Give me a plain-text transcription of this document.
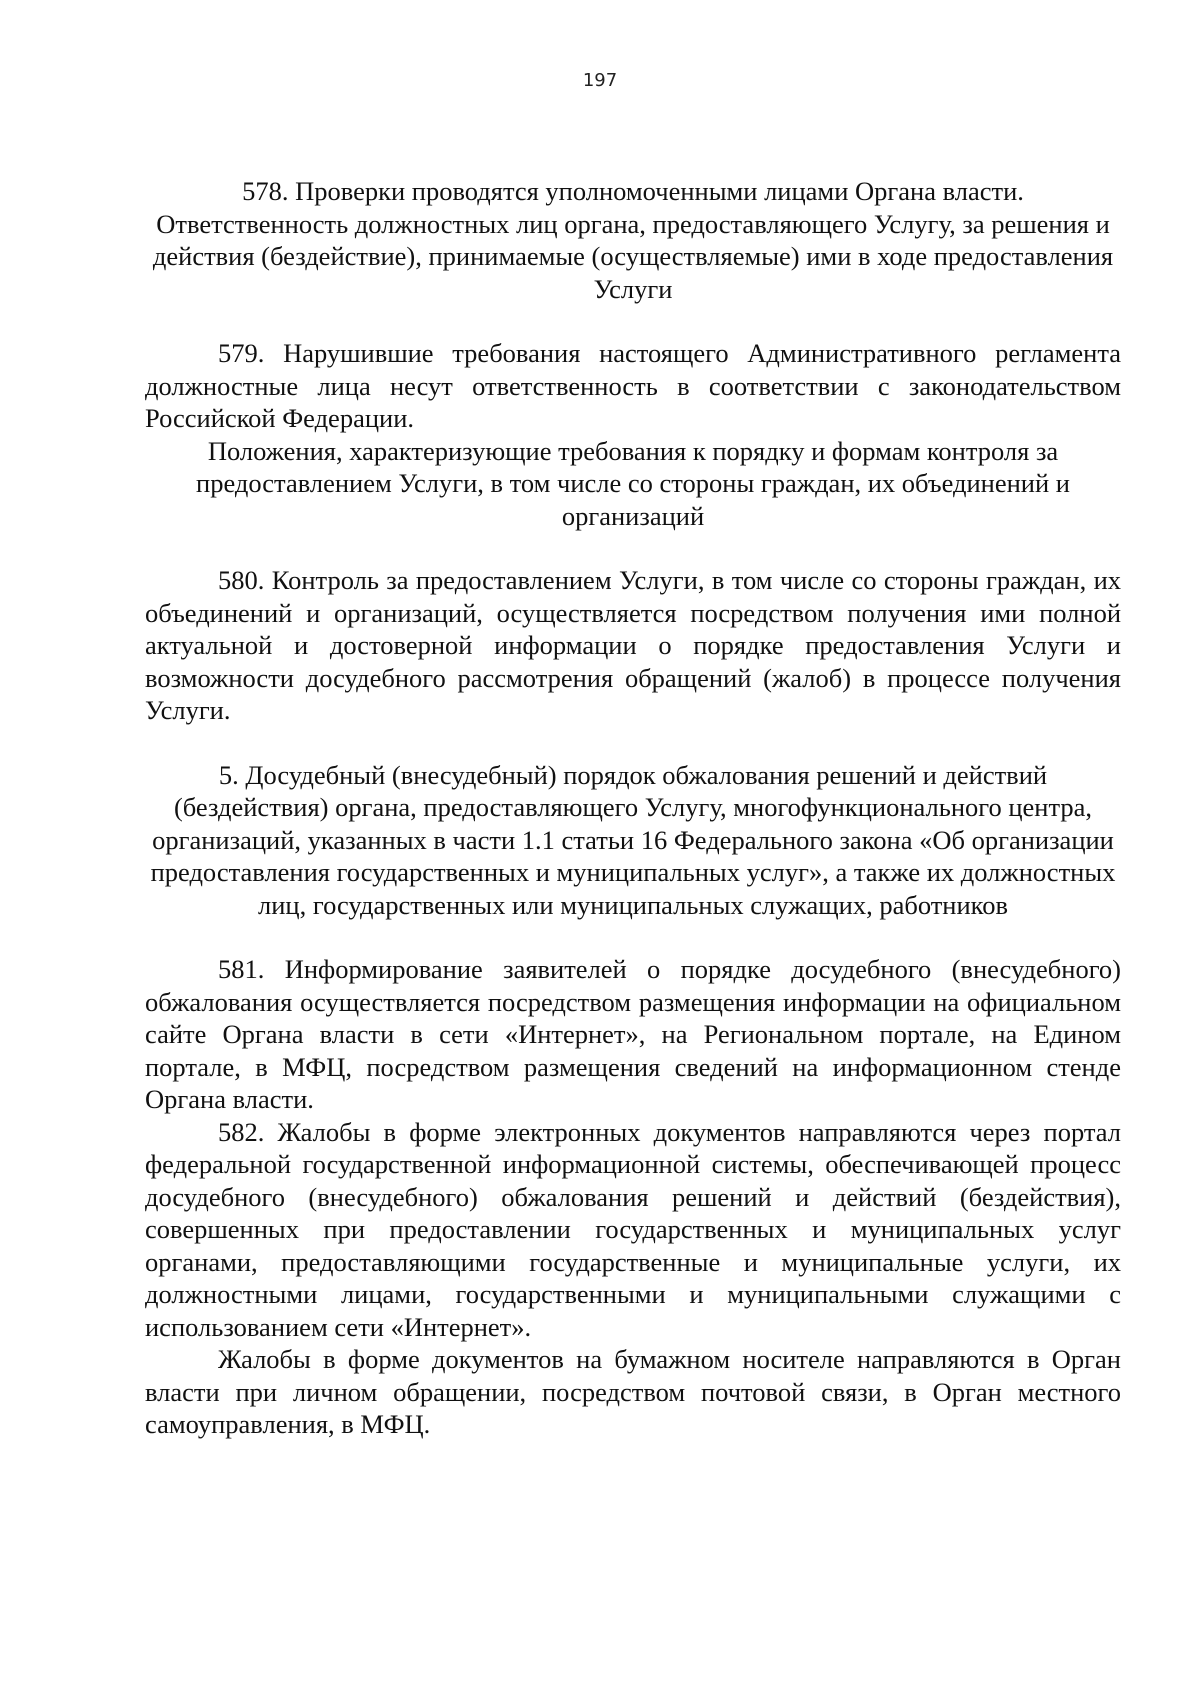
197

578. Проверки проводятся уполномоченными лицами Органа власти.

Ответственность должностных лиц органа, предоставляющего Услугу, за решения и действия (бездействие), принимаемые (осуществляемые) ими в ходе предоставления Услуги

579. Нарушившие требования настоящего Административного регламента должностные лица несут ответственность в соответствии с законодательством Российской Федерации.

Положения, характеризующие требования к порядку и формам контроля за предоставлением Услуги, в том числе со стороны граждан, их объединений и организаций

580. Контроль за предоставлением Услуги, в том числе со стороны граждан, их объединений и организаций, осуществляется посредством получения ими полной актуальной и достоверной информации о порядке предоставления Услуги и возможности досудебного рассмотрения обращений (жалоб) в процессе получения Услуги.

5. Досудебный (внесудебный) порядок обжалования решений и действий (бездействия) органа, предоставляющего Услугу, многофункционального центра, организаций, указанных в части 1.1 статьи 16 Федерального закона «Об организации предоставления государственных и муниципальных услуг», а также их должностных лиц, государственных или муниципальных служащих, работников

581. Информирование заявителей о порядке досудебного (внесудебного) обжалования осуществляется посредством размещения информации на официальном сайте Органа власти в сети «Интернет», на Региональном портале, на Едином портале, в МФЦ, посредством размещения сведений на информационном стенде Органа власти.

582. Жалобы в форме электронных документов направляются через портал федеральной государственной информационной системы, обеспечивающей процесс досудебного (внесудебного) обжалования решений и действий (бездействия), совершенных при предоставлении государственных и муниципальных услуг органами, предоставляющими государственные и муниципальные услуги, их должностными лицами, государственными и муниципальными служащими с использованием сети «Интернет».

Жалобы в форме документов на бумажном носителе направляются в Орган власти при личном обращении, посредством почтовой связи, в Орган местного самоуправления, в МФЦ.
